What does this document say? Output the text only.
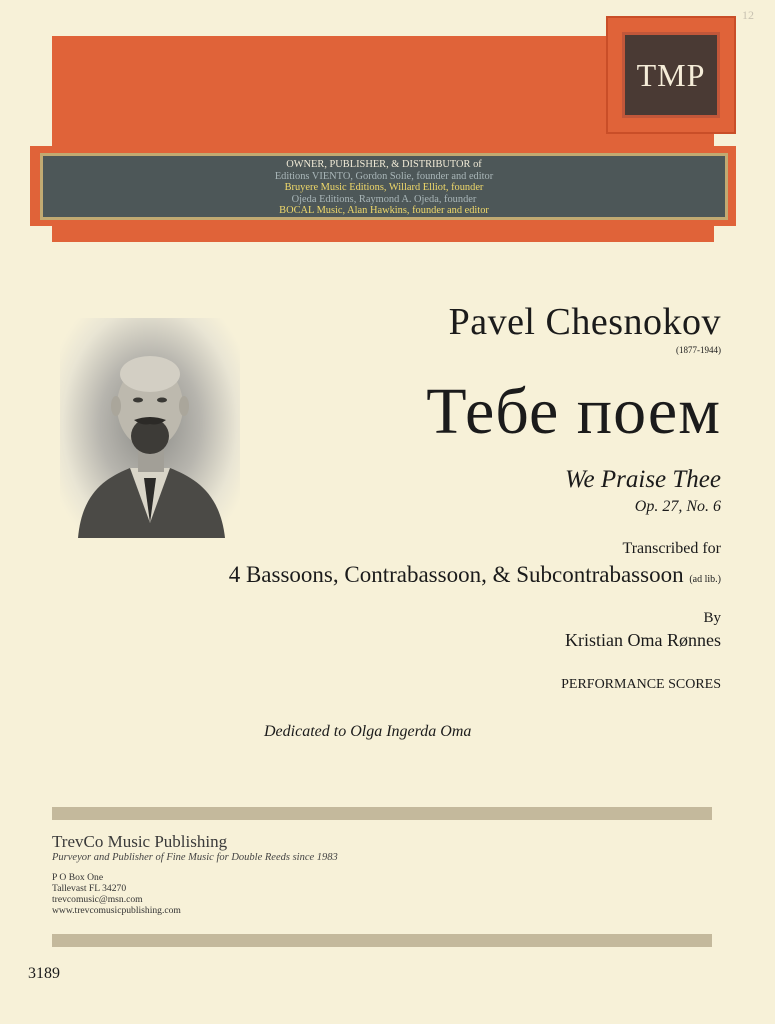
TMP
12
OWNER, PUBLISHER, & DISTRIBUTOR of
Editions VIENTO, Gordon Solie, founder and editor
Bruyere Music Editions, Willard Elliot, founder
Ojeda Editions, Raymond A. Ojeda, founder
BOCAL Music, Alan Hawkins, founder and editor
Pavel Chesnokov
(1877-1944)
Тебе поем
We Praise Thee
Op. 27, No. 6
Transcribed for
4 Bassoons, Contrabassoon, & Subcontrabassoon (ad lib.)
By
Kristian Oma Rønnes
PERFORMANCE SCORES
Dedicated to Olga Ingerda Oma
TrevCo Music Publishing
Purveyor and Publisher of Fine Music for Double Reeds since 1983
P O Box One
Tallevast FL 34270
trevcomusic@msn.com
www.trevcomusicpublishing.com
3189
